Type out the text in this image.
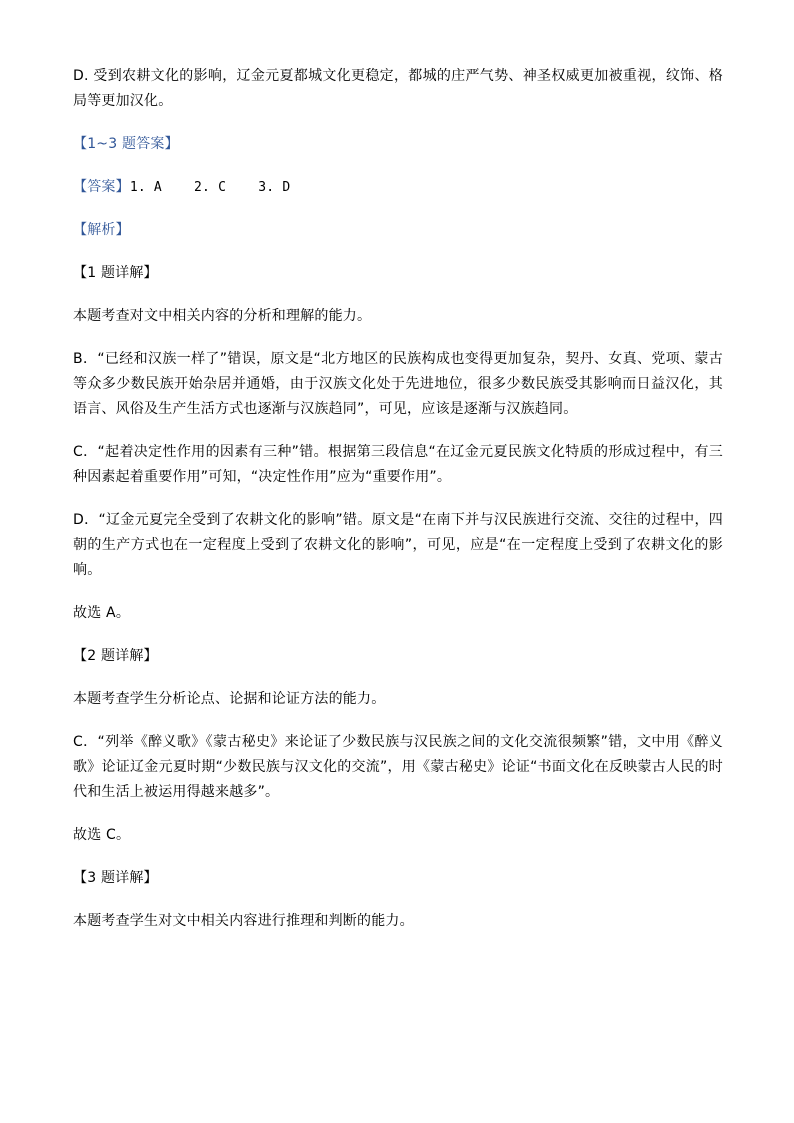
D. 受到农耕文化的影响，辽金元夏都城文化更稳定，都城的庄严气势、神圣权威更加被重视，纹饰、格局等更加汉化。

【1~3 题答案】

【答案】1. A    2. C    3. D

【解析】

【1 题详解】

本题考查对文中相关内容的分析和理解的能力。

B．“已经和汉族一样了”错误，原文是“北方地区的民族构成也变得更加复杂，契丹、女真、党项、蒙古等众多少数民族开始杂居并通婚，由于汉族文化处于先进地位，很多少数民族受其影响而日益汉化，其语言、风俗及生产生活方式也逐渐与汉族趋同”，可见，应该是逐渐与汉族趋同。

C．“起着决定性作用的因素有三种”错。根据第三段信息“在辽金元夏民族文化特质的形成过程中，有三种因素起着重要作用”可知，“决定性作用”应为“重要作用”。

D．“辽金元夏完全受到了农耕文化的影响”错。原文是“在南下并与汉民族进行交流、交往的过程中，四朝的生产方式也在一定程度上受到了农耕文化的影响”，可见，应是“在一定程度上受到了农耕文化的影响。

故选 A。

【2 题详解】

本题考查学生分析论点、论据和论证方法的能力。

C．“列举《醉义歌》《蒙古秘史》来论证了少数民族与汉民族之间的文化交流很频繁”错，文中用《醉义歌》论证辽金元夏时期“少数民族与汉文化的交流”，用《蒙古秘史》论证“书面文化在反映蒙古人民的时代和生活上被运用得越来越多”。

故选 C。

【3 题详解】

本题考查学生对文中相关内容进行推理和判断的能力。
